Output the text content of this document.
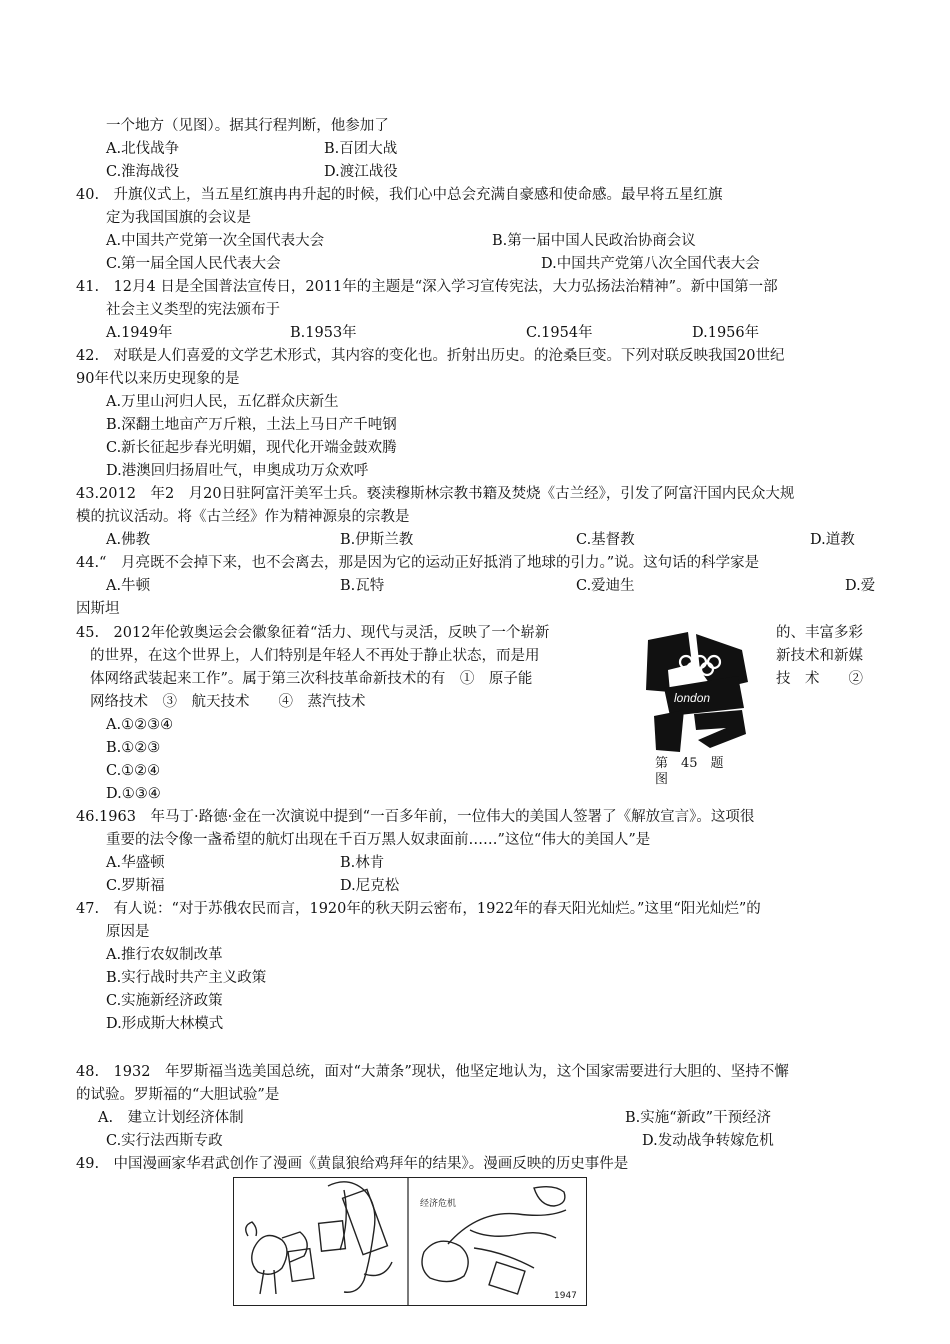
一个地方（见图）。据其行程判断，他参加了
A.北伐战争	B.百团大战
C.淮海战役	D.渡江战役
40.　升旗仪式上，当五星红旗冉冉升起的时候，我们心中总会充满自豪感和使命感。最早将五星红旗
定为我国国旗的会议是
A.中国共产党第一次全国代表大会	B.第一届中国人民政治协商会议
C.第一届全国人民代表大会	D.中国共产党第八次全国代表大会
41.　12月4 日是全国普法宣传日，2011年的主题是“深入学习宣传宪法，大力弘扬法治精神”。新中国第一部
社会主义类型的宪法颁布于
A.1949年	B.1953年	C.1954年	D.1956年
42.　对联是人们喜爱的文学艺术形式，其内容的变化也。折射出历史。的沧桑巨变。下列对联反映我国20世纪
90年代以来历史现象的是
A.万里山河归人民，五亿群众庆新生
B.深翻土地亩产万斤粮，土法上马日产千吨钢
C.新长征起步春光明媚，现代化开端金鼓欢腾
D.港澳回归扬眉吐气，申奥成功万众欢呼
43.2012　年2　月20日驻阿富汗美军士兵。亵渎穆斯林宗教书籍及焚烧《古兰经》，引发了阿富汗国内民众大规
模的抗议活动。将《古兰经》作为精神源泉的宗教是
A.佛教	B.伊斯兰教	C.基督教	D.道教
44.“　月亮既不会掉下来，也不会离去，那是因为它的运动正好抵消了地球的引力。”说。这句话的科学家是
A.牛顿	B.瓦特	C.爱迪生	D.爱
因斯坦
45.　2012年伦敦奥运会会徽象征着“活力、现代与灵活，反映了一个崭新	的、丰富多彩
的世界，在这个世界上，人们特别是年轻人不再处于静止状态，而是用	新技术和新媒
体网络武装起来工作”。属于第三次科技革命新技术的有　①　原子能	技　术　　②
网络技术　③　航天技术　　④　蒸汽技术
A.①②③④
B.①②③
C.①②④
D.①③④
london
第　45　题　图
46.1963　年马丁·路德·金在一次演说中提到“一百多年前，一位伟大的美国人签署了《解放宣言》。这项很
重要的法令像一盏希望的航灯出现在千百万黑人奴隶面前……”这位“伟大的美国人”是
A.华盛顿	B.林肯
C.罗斯福	D.尼克松
47.　有人说：“对于苏俄农民而言，1920年的秋天阴云密布，1922年的春天阳光灿烂。”这里“阳光灿烂”的
原因是
A.推行农奴制改革
B.实行战时共产主义政策
C.实施新经济政策
D.形成斯大林模式
48.　1932　年罗斯福当选美国总统，面对“大萧条”现状，他坚定地认为，这个国家需要进行大胆的、坚持不懈
的试验。罗斯福的“大胆试验”是
A.　建立计划经济体制	B.实施“新政”干预经济
C.实行法西斯专政	D.发动战争转嫁危机
49.　中国漫画家华君武创作了漫画《黄鼠狼给鸡拜年的结果》。漫画反映的历史事件是
经济危机
1947
